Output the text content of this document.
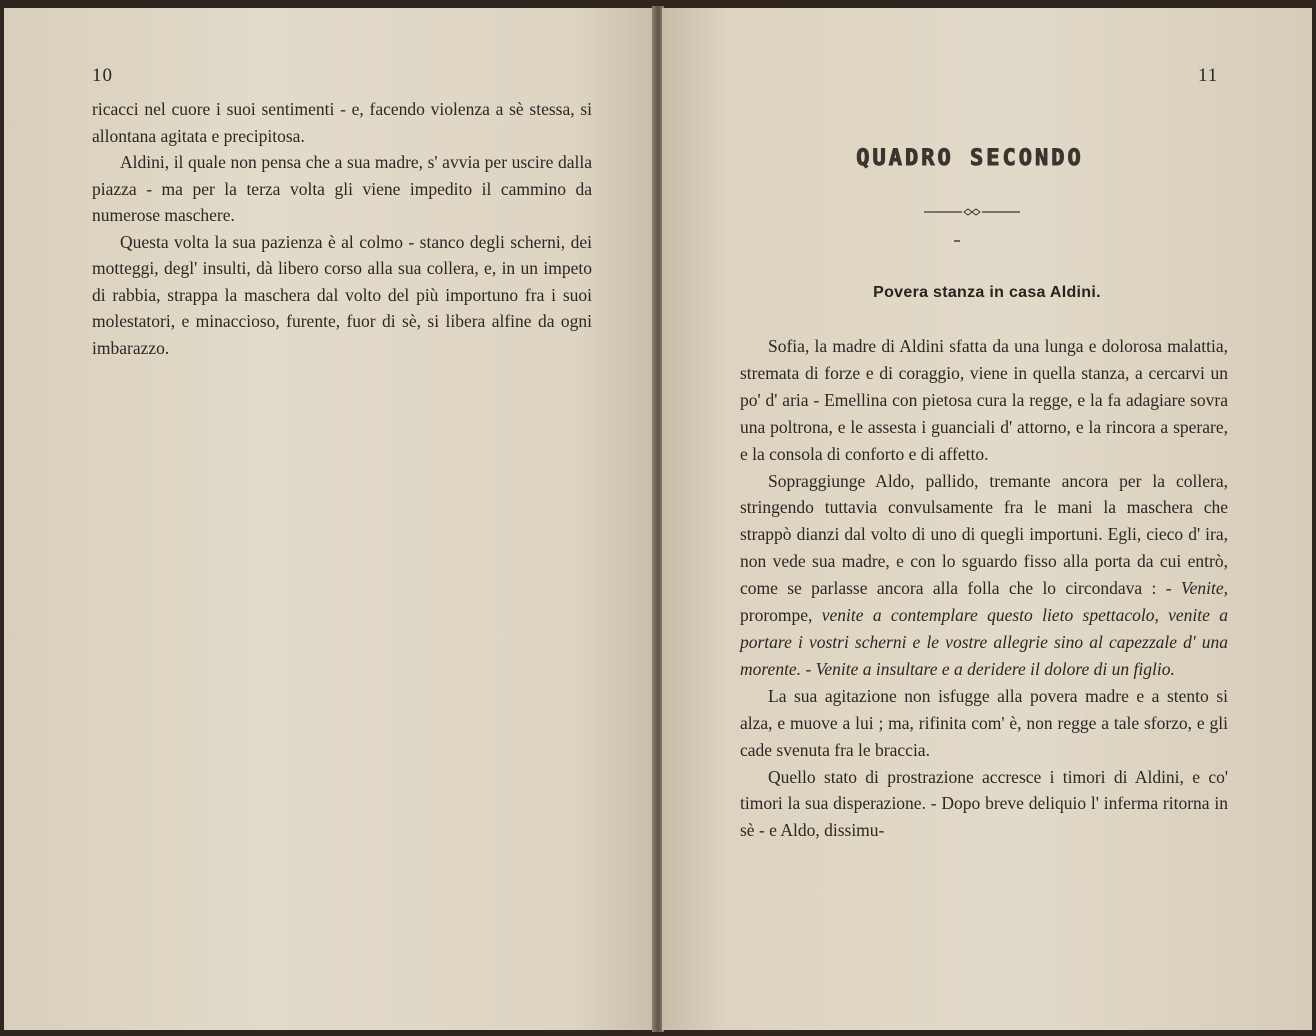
10

ricacci nel cuore i suoi sentimenti - e, facendo violenza a sè stessa, si allontana agitata e precipitosa.

Aldini, il quale non pensa che a sua madre, s' avvia per uscire dalla piazza - ma per la terza volta gli viene impedito il cammino da numerose maschere.

Questa volta la sua pazienza è al colmo - stanco degli scherni, dei motteggi, degl' insulti, dà libero corso alla sua collera, e, in un impeto di rabbia, strappa la maschera dal volto del più importuno fra i suoi molestatori, e minaccioso, furente, fuor di sè, si libera alfine da ogni imbarazzo.

11
QUADRO SECONDO
Povera stanza in casa Aldini.

Sofia, la madre di Aldini sfatta da una lunga e dolorosa malattia, stremata di forze e di coraggio, viene in quella stanza, a cercarvi un po' d' aria - Emellina con pietosa cura la regge, e la fa adagiare sovra una poltrona, e le assesta i guanciali d' attorno, e la rincora a sperare, e la consola di conforto e di affetto.

Sopraggiunge Aldo, pallido, tremante ancora per la collera, stringendo tuttavia convulsamente fra le mani la maschera che strappò dianzi dal volto di uno di quegli importuni. Egli, cieco d' ira, non vede sua madre, e con lo sguardo fisso alla porta da cui entrò, come se parlasse ancora alla folla che lo circondava : - Venite, prorompe, venite a contemplare questo lieto spettacolo, venite a portare i vostri scherni e le vostre allegrie sino al capezzale d' una morente. - Venite a insultare e a deridere il dolore di un figlio.

La sua agitazione non isfugge alla povera madre e a stento si alza, e muove a lui ; ma, rifinita com' è, non regge a tale sforzo, e gli cade svenuta fra le braccia.

Quello stato di prostrazione accresce i timori di Aldini, e co' timori la sua disperazione. - Dopo breve deliquio l' inferma ritorna in sè - e Aldo, dissimu-
